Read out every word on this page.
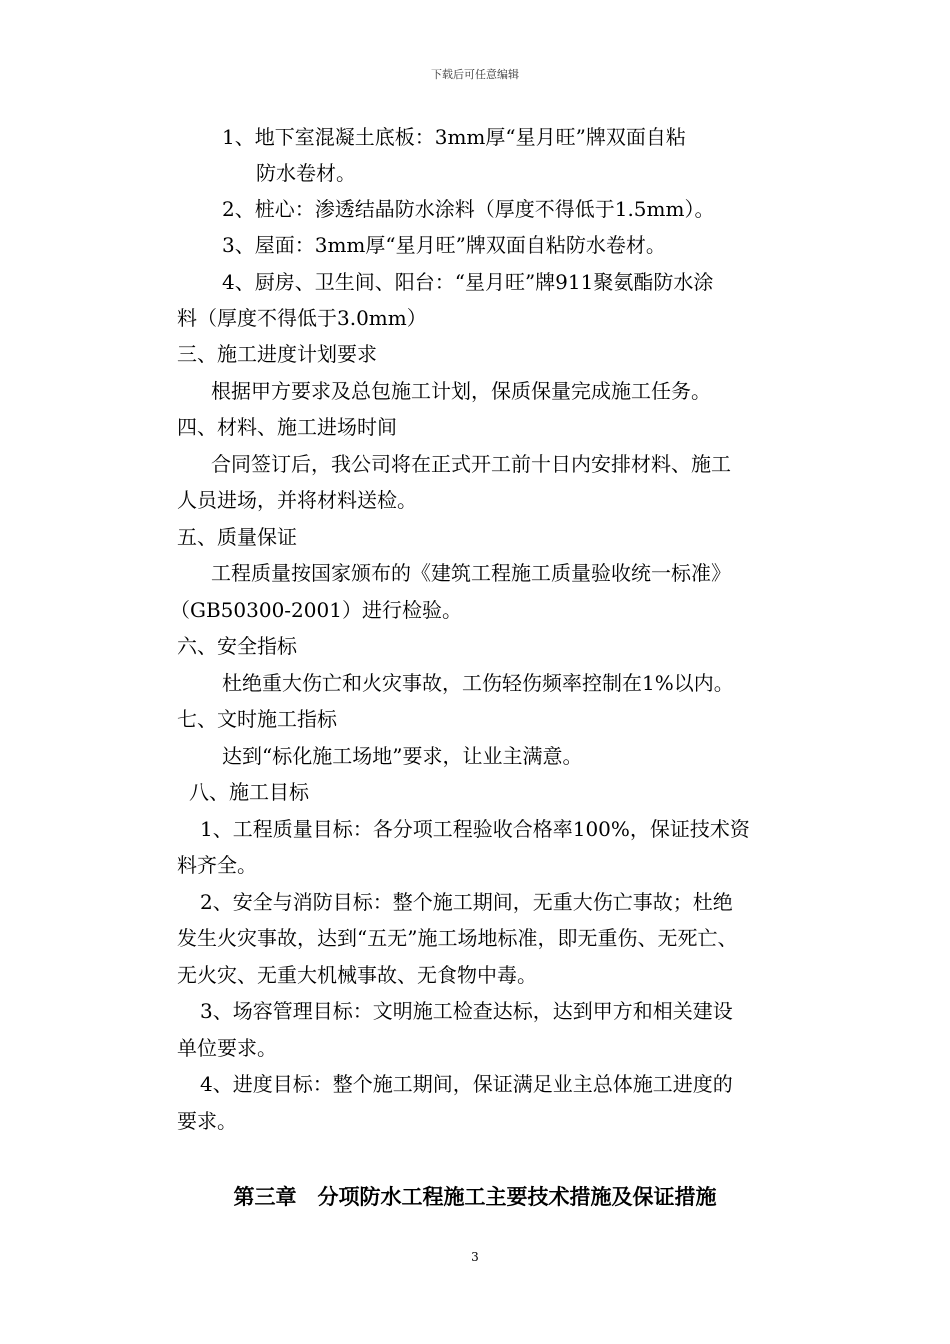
下载后可任意编辑
1、地下室混凝土底板：3mm厚“星月旺”牌双面自粘
防水卷材。
2、桩心：渗透结晶防水涂料（厚度不得低于1.5mm）。
3、屋面：3mm厚“星月旺”牌双面自粘防水卷材。
4、厨房、卫生间、阳台：“星月旺”牌911聚氨酯防水涂
料（厚度不得低于3.0mm）
三、施工进度计划要求
根据甲方要求及总包施工计划，保质保量完成施工任务。
四、材料、施工进场时间
合同签订后，我公司将在正式开工前十日内安排材料、施工
人员进场，并将材料送检。
五、质量保证
工程质量按国家颁布的《建筑工程施工质量验收统一标准》
（GB50300-2001）进行检验。
六、安全指标
杜绝重大伤亡和火灾事故，工伤轻伤频率控制在1%以内。
七、文时施工指标
达到“标化施工场地”要求，让业主满意。
八、施工目标
1、工程质量目标：各分项工程验收合格率100%，保证技术资
料齐全。
2、安全与消防目标：整个施工期间，无重大伤亡事故；杜绝
发生火灾事故，达到“五无”施工场地标准，即无重伤、无死亡、
无火灾、无重大机械事故、无食物中毒。
3、场容管理目标：文明施工检查达标，达到甲方和相关建设
单位要求。
4、进度目标：整个施工期间，保证满足业主总体施工进度的
要求。
第三章　分项防水工程施工主要技术措施及保证措施
3
